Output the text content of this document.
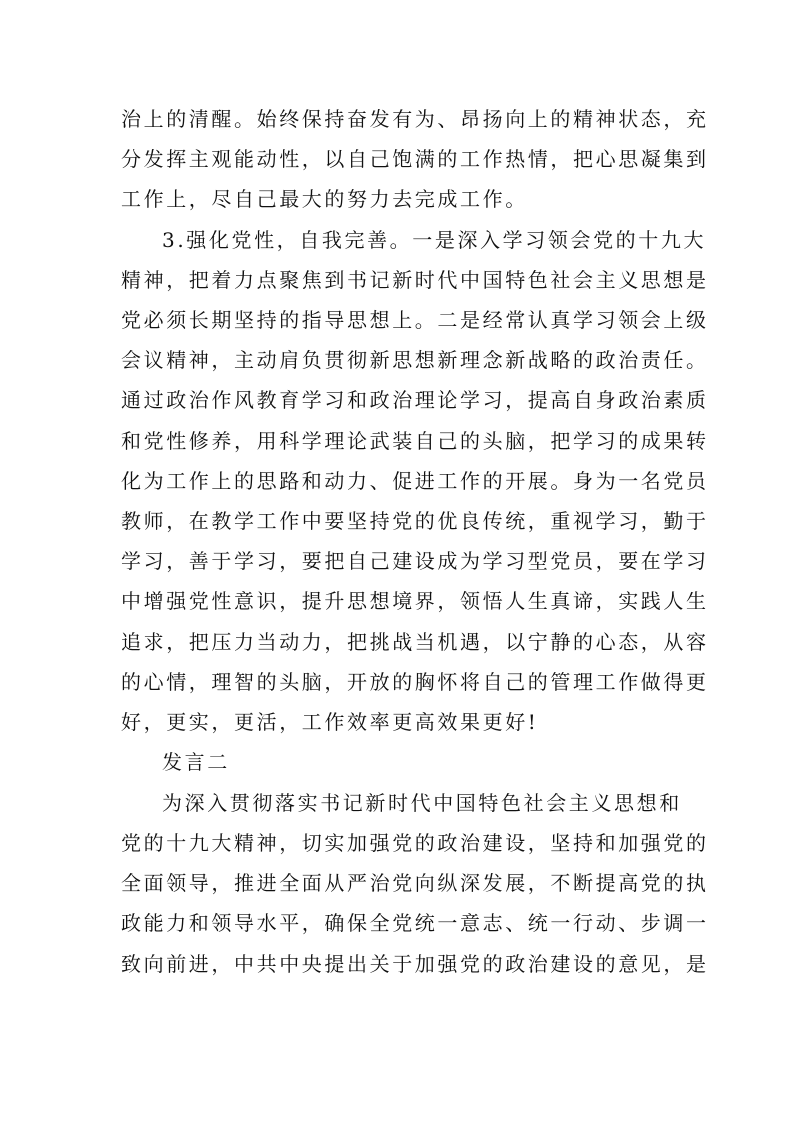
治上的清醒。始终保持奋发有为、昂扬向上的精神状态，充
分发挥主观能动性，以自己饱满的工作热情，把心思凝集到
工作上，尽自己最大的努力去完成工作。
3.强化党性，自我完善。一是深入学习领会党的十九大
精神，把着力点聚焦到书记新时代中国特色社会主义思想是
党必须长期坚持的指导思想上。二是经常认真学习领会上级
会议精神，主动肩负贯彻新思想新理念新战略的政治责任。
通过政治作风教育学习和政治理论学习，提高自身政治素质
和党性修养，用科学理论武装自己的头脑，把学习的成果转
化为工作上的思路和动力、促进工作的开展。身为一名党员
教师，在教学工作中要坚持党的优良传统，重视学习，勤于
学习，善于学习，要把自己建设成为学习型党员，要在学习
中增强党性意识，提升思想境界，领悟人生真谛，实践人生
追求，把压力当动力，把挑战当机遇，以宁静的心态，从容
的心情，理智的头脑，开放的胸怀将自己的管理工作做得更
好，更实，更活，工作效率更高效果更好!
发言二
为深入贯彻落实书记新时代中国特色社会主义思想和
党的十九大精神，切实加强党的政治建设，坚持和加强党的
全面领导，推进全面从严治党向纵深发展，不断提高党的执
政能力和领导水平，确保全党统一意志、统一行动、步调一
致向前进，中共中央提出关于加强党的政治建设的意见，是
